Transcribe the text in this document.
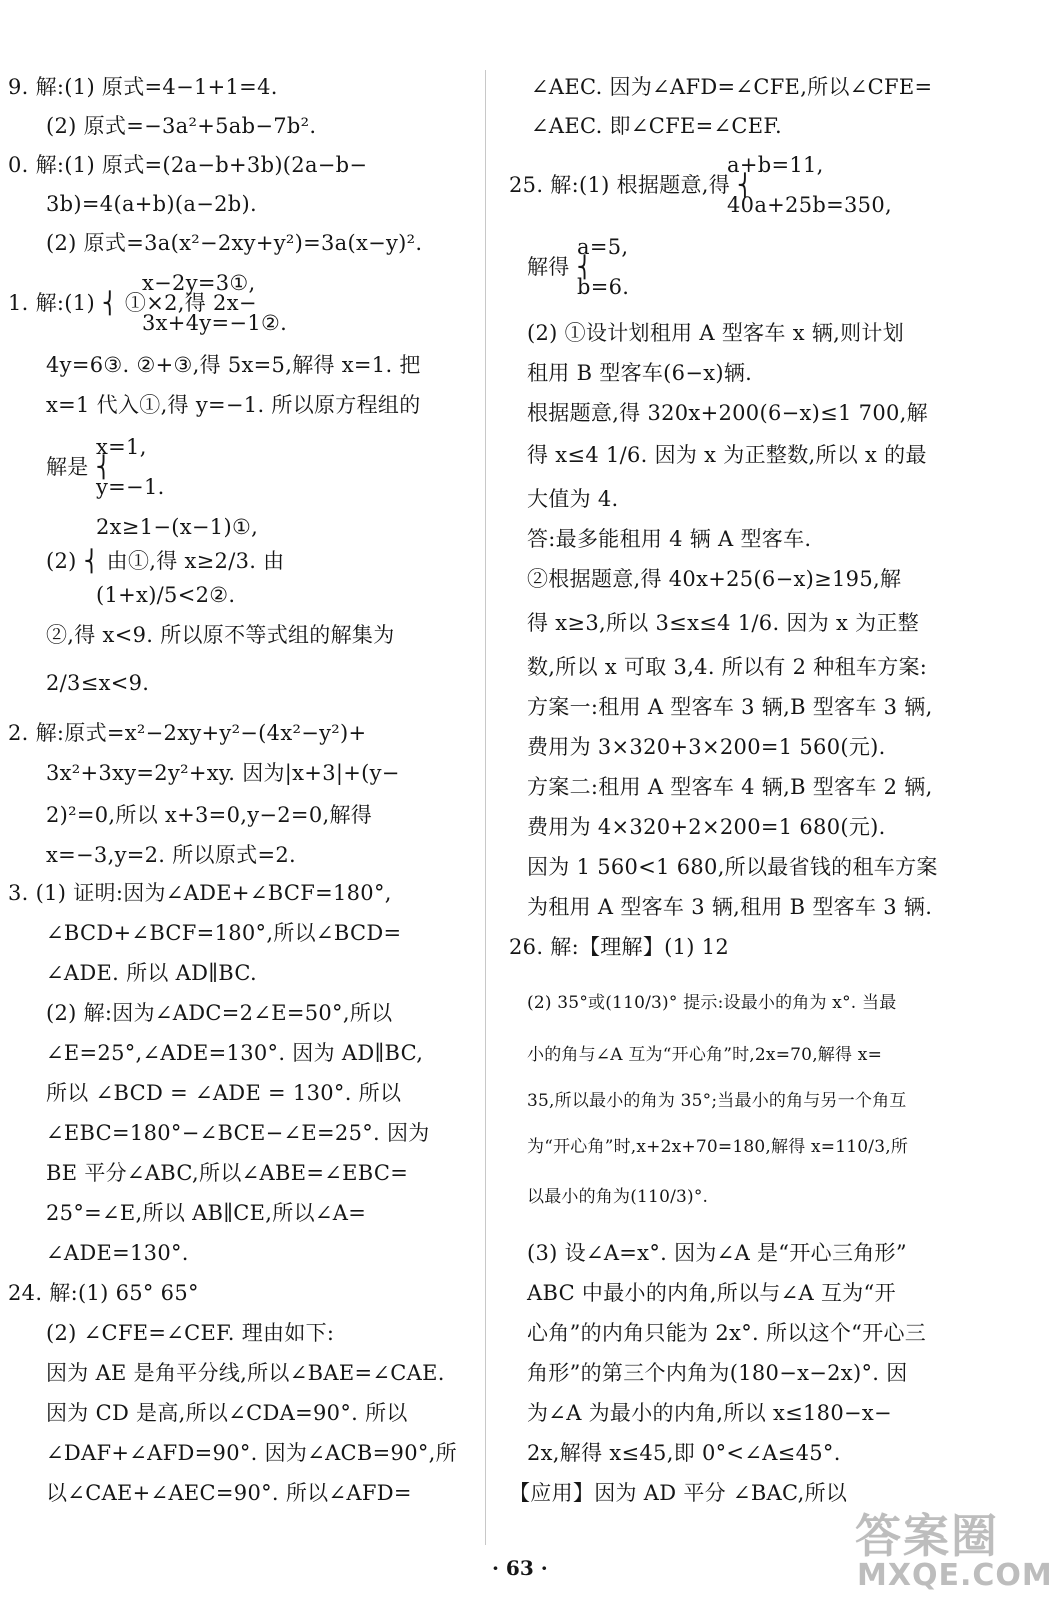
9. 解:(1) 原式=4−1+1=4.
(2) 原式=−3a²+5ab−7b².
0. 解:(1) 原式=(2a−b+3b)(2a−b−
3b)=4(a+b)(a−2b).
(2) 原式=3a(x²−2xy+y²)=3a(x−y)².
x−2y=3①,
1. 解:(1) ⎨ ①×2,得 2x−
3x+4y=−1②.
4y=6③. ②+③,得 5x=5,解得 x=1. 把
x=1 代入①,得 y=−1. 所以原方程组的
x=1,
解是 ⎨
y=−1.
2x≥1−(x−1)①,
(2) ⎨ 由①,得 x≥2/3. 由
(1+x)/5<2②.
②,得 x<9. 所以原不等式组的解集为
2/3≤x<9.
2. 解:原式=x²−2xy+y²−(4x²−y²)+
3x²+3xy=2y²+xy. 因为|x+3|+(y−
2)²=0,所以 x+3=0,y−2=0,解得
x=−3,y=2. 所以原式=2.
3. (1) 证明:因为∠ADE+∠BCF=180°,
∠BCD+∠BCF=180°,所以∠BCD=
∠ADE. 所以 AD∥BC.
(2) 解:因为∠ADC=2∠E=50°,所以
∠E=25°,∠ADE=130°. 因为 AD∥BC,
所以 ∠BCD = ∠ADE = 130°. 所以
∠EBC=180°−∠BCE−∠E=25°. 因为
BE 平分∠ABC,所以∠ABE=∠EBC=
25°=∠E,所以 AB∥CE,所以∠A=
∠ADE=130°.
24. 解:(1) 65° 65°
(2) ∠CFE=∠CEF. 理由如下:
因为 AE 是角平分线,所以∠BAE=∠CAE.
因为 CD 是高,所以∠CDA=90°. 所以
∠DAF+∠AFD=90°. 因为∠ACB=90°,所
以∠CAE+∠AEC=90°. 所以∠AFD=
∠AEC. 因为∠AFD=∠CFE,所以∠CFE=
∠AEC. 即∠CFE=∠CEF.
a+b=11,
25. 解:(1) 根据题意,得 ⎨
40a+25b=350,
a=5,
解得 ⎨
b=6.
(2) ①设计划租用 A 型客车 x 辆,则计划
租用 B 型客车(6−x)辆.
根据题意,得 320x+200(6−x)≤1 700,解
得 x≤4 1/6. 因为 x 为正整数,所以 x 的最
大值为 4.
答:最多能租用 4 辆 A 型客车.
②根据题意,得 40x+25(6−x)≥195,解
得 x≥3,所以 3≤x≤4 1/6. 因为 x 为正整
数,所以 x 可取 3,4. 所以有 2 种租车方案:
方案一:租用 A 型客车 3 辆,B 型客车 3 辆,
费用为 3×320+3×200=1 560(元).
方案二:租用 A 型客车 4 辆,B 型客车 2 辆,
费用为 4×320+2×200=1 680(元).
因为 1 560<1 680,所以最省钱的租车方案
为租用 A 型客车 3 辆,租用 B 型客车 3 辆.
26. 解:【理解】(1) 12
(2) 35°或(110/3)° 提示:设最小的角为 x°. 当最
小的角与∠A 互为“开心角”时,2x=70,解得 x=
35,所以最小的角为 35°;当最小的角与另一个角互
为“开心角”时,x+2x+70=180,解得 x=110/3,所
以最小的角为(110/3)°.
(3) 设∠A=x°. 因为∠A 是“开心三角形”
ABC 中最小的内角,所以与∠A 互为“开
心角”的内角只能为 2x°. 所以这个“开心三
角形”的第三个内角为(180−x−2x)°. 因
为∠A 为最小的内角,所以 x≤180−x−
2x,解得 x≤45,即 0°<∠A≤45°.
【应用】因为 AD 平分 ∠BAC,所以
· 63 ·
答案圈
MXQE.COM
